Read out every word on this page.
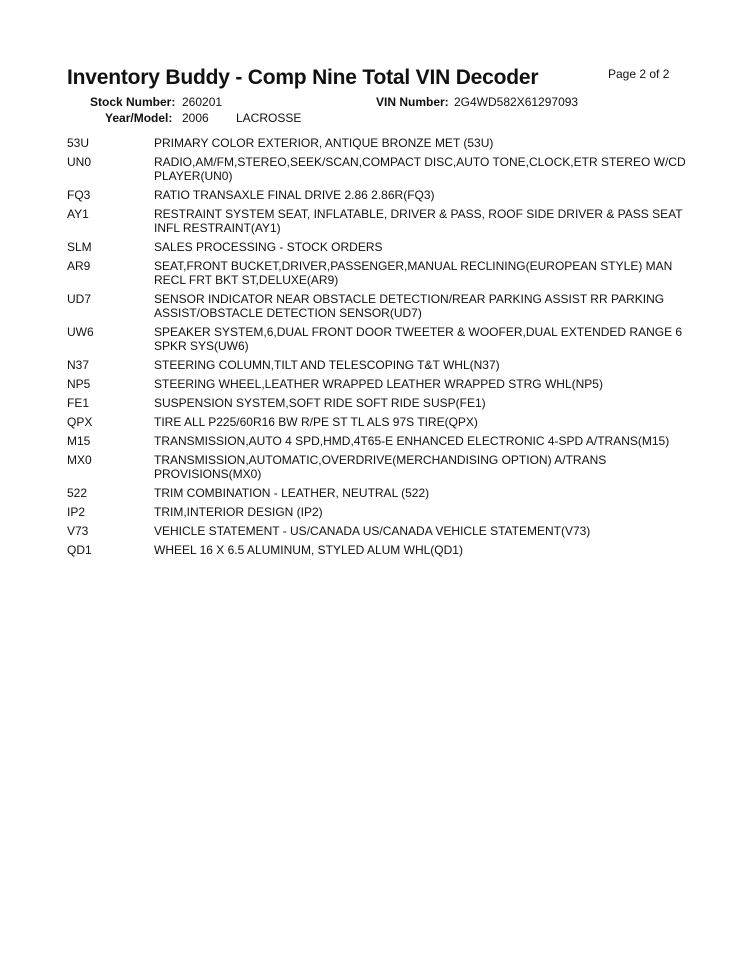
Inventory Buddy - Comp Nine Total VIN Decoder	Page 2 of 2
Stock Number: 260201	VIN Number: 2G4WD582X61297093
Year/Model: 2006 LACROSSE
53U	PRIMARY COLOR EXTERIOR, ANTIQUE BRONZE MET (53U)
UN0	RADIO,AM/FM,STEREO,SEEK/SCAN,COMPACT DISC,AUTO TONE,CLOCK,ETR STEREO W/CD PLAYER(UN0)
FQ3	RATIO TRANSAXLE FINAL DRIVE 2.86 2.86R(FQ3)
AY1	RESTRAINT SYSTEM SEAT, INFLATABLE, DRIVER & PASS, ROOF SIDE DRIVER & PASS SEAT INFL RESTRAINT(AY1)
SLM	SALES PROCESSING - STOCK ORDERS
AR9	SEAT,FRONT BUCKET,DRIVER,PASSENGER,MANUAL RECLINING(EUROPEAN STYLE) MAN RECL FRT BKT ST,DELUXE(AR9)
UD7	SENSOR INDICATOR NEAR OBSTACLE DETECTION/REAR PARKING ASSIST RR PARKING ASSIST/OBSTACLE DETECTION SENSOR(UD7)
UW6	SPEAKER SYSTEM,6,DUAL FRONT DOOR TWEETER & WOOFER,DUAL EXTENDED RANGE 6 SPKR SYS(UW6)
N37	STEERING COLUMN,TILT AND TELESCOPING T&T WHL(N37)
NP5	STEERING WHEEL,LEATHER WRAPPED LEATHER WRAPPED STRG WHL(NP5)
FE1	SUSPENSION SYSTEM,SOFT RIDE SOFT RIDE SUSP(FE1)
QPX	TIRE ALL P225/60R16 BW R/PE ST TL ALS 97S TIRE(QPX)
M15	TRANSMISSION,AUTO 4 SPD,HMD,4T65-E ENHANCED ELECTRONIC 4-SPD A/TRANS(M15)
MX0	TRANSMISSION,AUTOMATIC,OVERDRIVE(MERCHANDISING OPTION) A/TRANS PROVISIONS(MX0)
522	TRIM COMBINATION - LEATHER, NEUTRAL (522)
IP2	TRIM,INTERIOR DESIGN (IP2)
V73	VEHICLE STATEMENT - US/CANADA US/CANADA VEHICLE STATEMENT(V73)
QD1	WHEEL 16 X 6.5 ALUMINUM, STYLED ALUM WHL(QD1)
